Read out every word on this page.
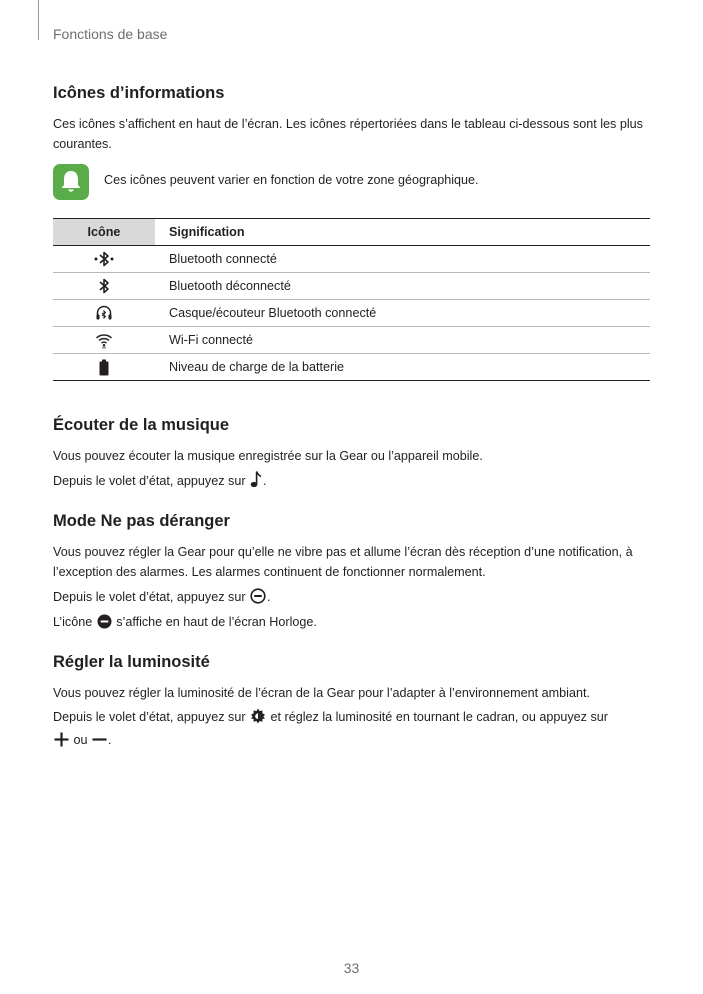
Fonctions de base
Icônes d’informations

Ces icônes s’affichent en haut de l’écran. Les icônes répertoriées dans le tableau ci-dessous sont les plus courantes.

Ces icônes peuvent varier en fonction de votre zone géographique.
Icône	Signification
	Bluetooth connecté
	Bluetooth déconnecté
	Casque/écouteur Bluetooth connecté
	Wi-Fi connecté
	Niveau de charge de la batterie
Écouter de la musique

Vous pouvez écouter la musique enregistrée sur la Gear ou l’appareil mobile.

Depuis le volet d’état, appuyez sur .

Mode Ne pas déranger

Vous pouvez régler la Gear pour qu’elle ne vibre pas et allume l’écran dès réception d’une notification, à l’exception des alarmes. Les alarmes continuent de fonctionner normalement.

Depuis le volet d’état, appuyez sur .

L’icône  s’affiche en haut de l’écran Horloge.

Régler la luminosité

Vous pouvez régler la luminosité de l’écran de la Gear pour l’adapter à l’environnement ambiant.

Depuis le volet d’état, appuyez sur  et réglez la luminosité en tournant le cadran, ou appuyez sur
ou .

33
